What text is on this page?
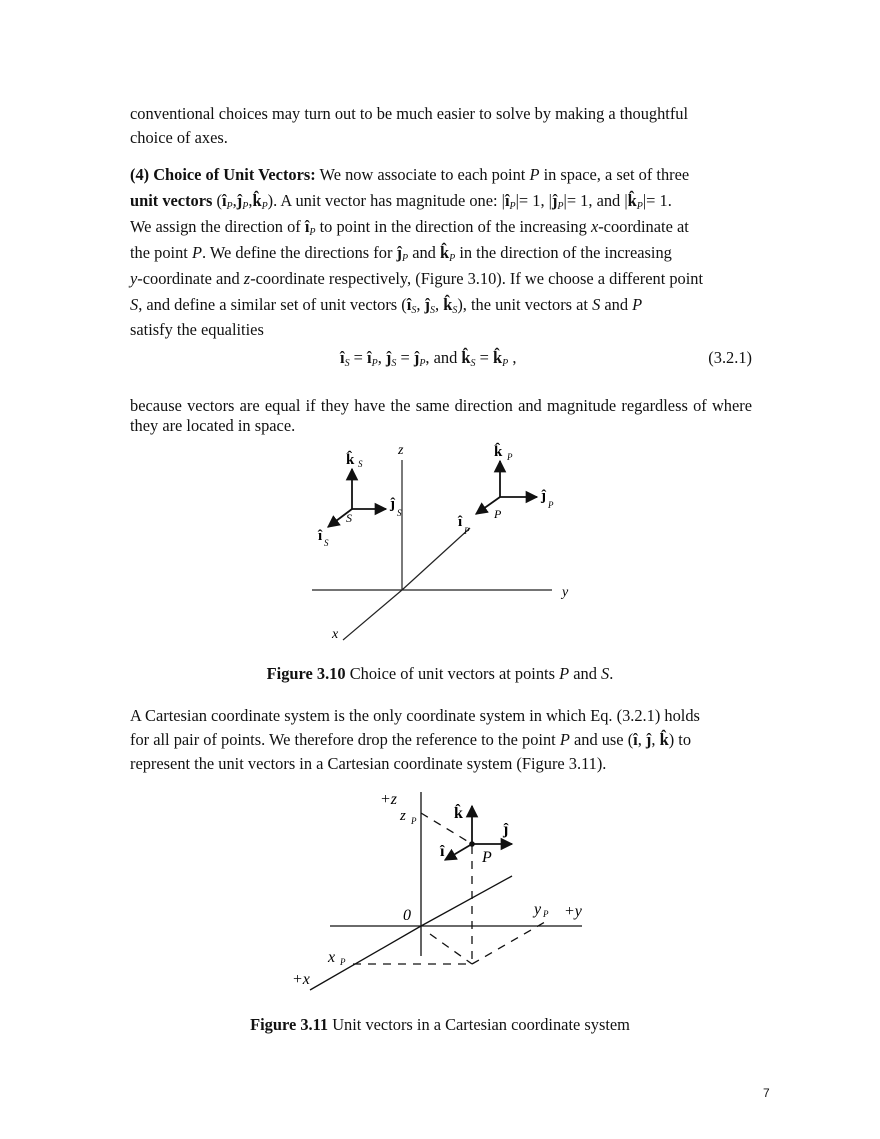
conventional choices may turn out to be much easier to solve by making a thoughtful
choice of axes.
(4) Choice of Unit Vectors: We now associate to each point P in space, a set of three
unit vectors $(î_P,ĵ_P,k̂_P)$. A unit vector has magnitude one: $|î_P|= 1$, $|ĵ_P|= 1$, and $|k̂_P|= 1$.
We assign the direction of $î_P$ to point in the direction of the increasing x-coordinate at
the point P. We define the directions for $ĵ_P$ and $k̂_P$ in the direction of the increasing
y-coordinate and z-coordinate respectively, (Figure 3.10). If we choose a different point
S, and define a similar set of unit vectors ($î_S$, $ĵ_S$, $k̂_S$), the unit vectors at S and P
satisfy the equalities
$î_S$ = $î_P$, $ĵ_S$ = $ĵ_P$, and $k̂_S$ = $k̂_P$ ,	(3.2.1)
because vectors are equal if they have the same direction and magnitude regardless of where they are located in space.
z
y
x
k̂ S
ĵ
S
S
î S
k̂ P
ĵ
P
P
î
P
Figure 3.10 Choice of unit vectors at points P and S.
A Cartesian coordinate system is the only coordinate system in which Eq. (3.2.1) holds
for all pair of points. We therefore drop the reference to the point P and use (î, ĵ, k̂) to
represent the unit vectors in a Cartesian coordinate system (Figure 3.11).
+z
z P k̂
ĵ
î P
0	y P +y
x P
+x
Figure 3.11 Unit vectors in a Cartesian coordinate system
7
